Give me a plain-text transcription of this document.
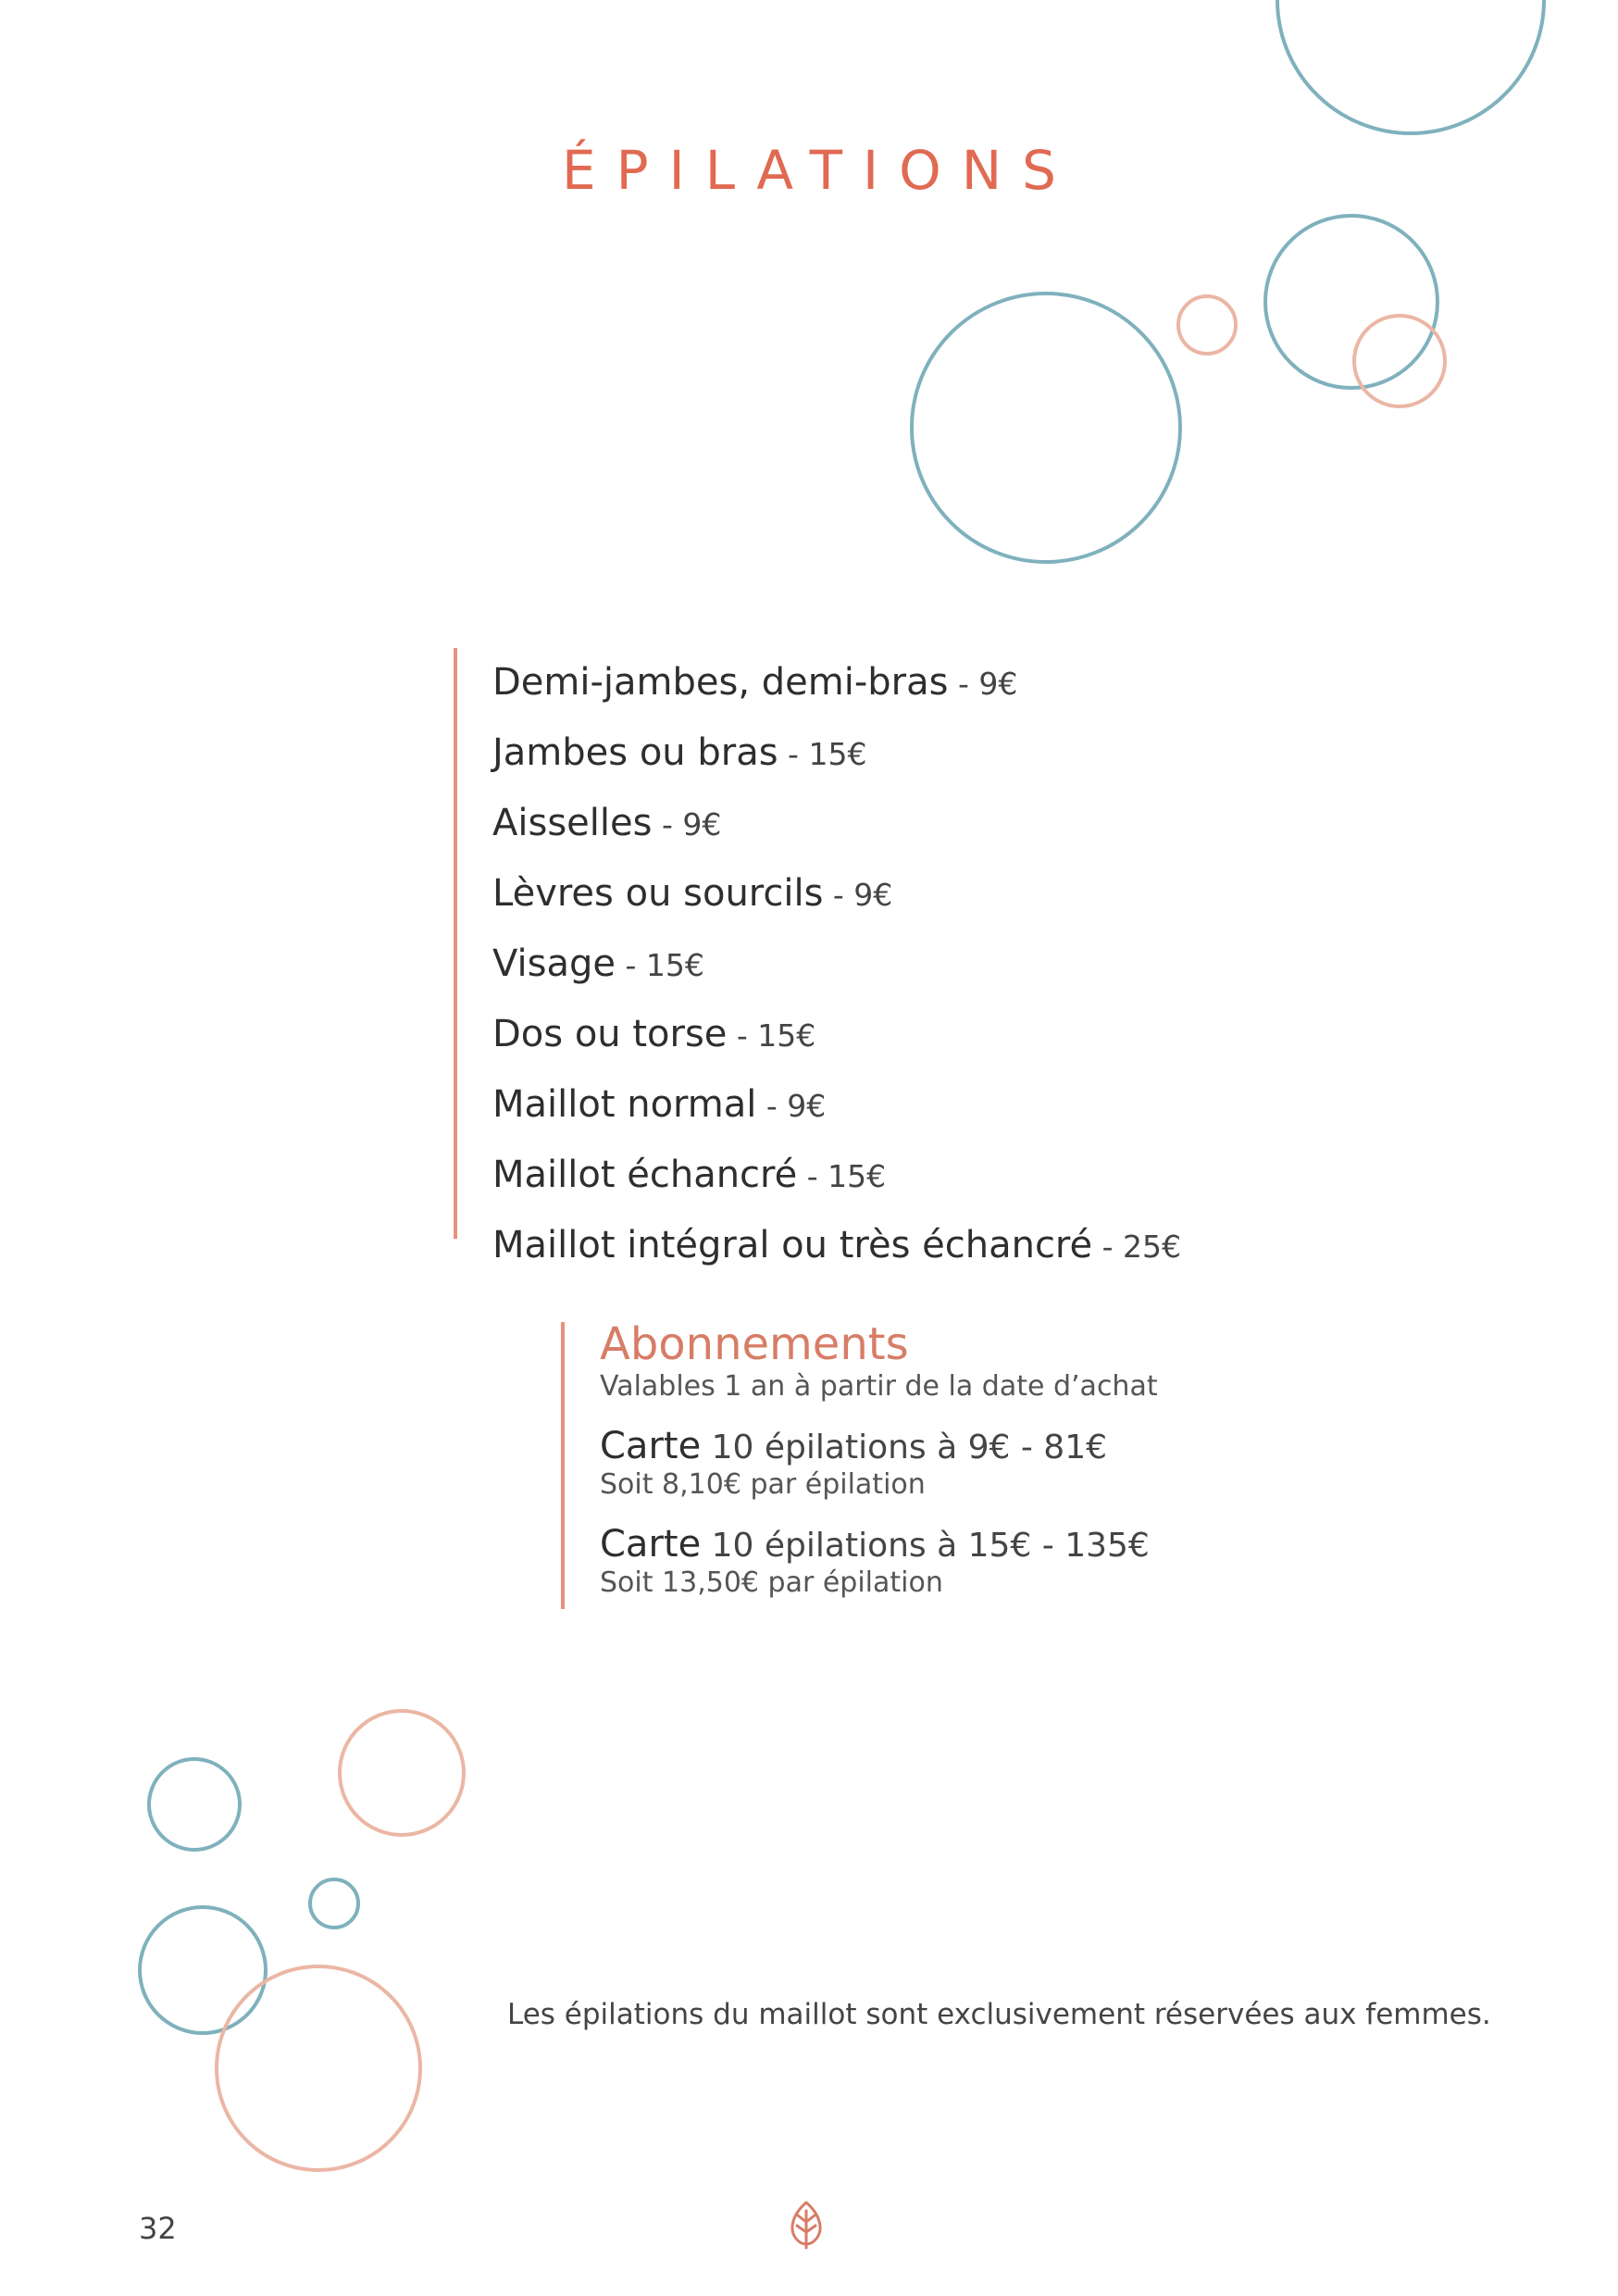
ÉPILATIONS
Demi-jambes, demi-bras - 9€
Jambes ou bras - 15€
Aisselles - 9€
Lèvres ou sourcils - 9€
Visage - 15€
Dos ou torse - 15€
Maillot normal - 9€
Maillot échancré - 15€
Maillot intégral ou très échancré - 25€
Abonnements
Valables 1 an à partir de la date d’achat
Carte 10 épilations à 9€ - 81€
Soit 8,10€ par épilation
Carte 10 épilations à 15€ - 135€
Soit 13,50€ par épilation
Les épilations du maillot sont exclusivement réservées aux femmes.
32
